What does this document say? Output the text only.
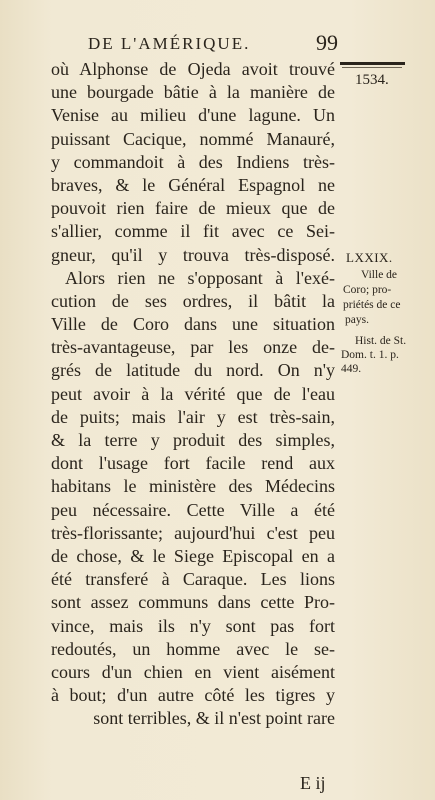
DE L'AMÉRIQUE.	99
où Alphonse de Ojeda avoit trouvé
une bourgade bâtie à la manière de
Venise au milieu d'une lagune. Un
puissant Cacique, nommé Manauré,
y commandoit à des Indiens très-
braves, & le Général Espagnol ne
pouvoit rien faire de mieux que de
s'allier, comme il fit avec ce Sei-
gneur, qu'il y trouva très-disposé.
Alors rien ne s'opposant à l'exé-
cution de ses ordres, il bâtit la
Ville de Coro dans une situation
très-avantageuse, par les onze de-
grés de latitude du nord. On n'y
peut avoir à la vérité que de l'eau
de puits; mais l'air y est très-sain,
& la terre y produit des simples,
dont l'usage fort facile rend aux
habitans le ministère des Médecins
peu nécessaire. Cette Ville a été
très-florissante; aujourd'hui c'est peu
de chose, & le Siege Episcopal en a
été transferé à Caraque. Les lions
sont assez communs dans cette Pro-
vince, mais ils n'y sont pas fort
redoutés, un homme avec le se-
cours d'un chien en vient aisément
à bout; d'un autre côté les tigres y
sont terribles, & il n'est point rare
E ij
1534.
LXXIX.
Ville de
Coro; pro-
priétés de ce
pays.
Hist. de St.
Dom. t. 1. p.
449.
